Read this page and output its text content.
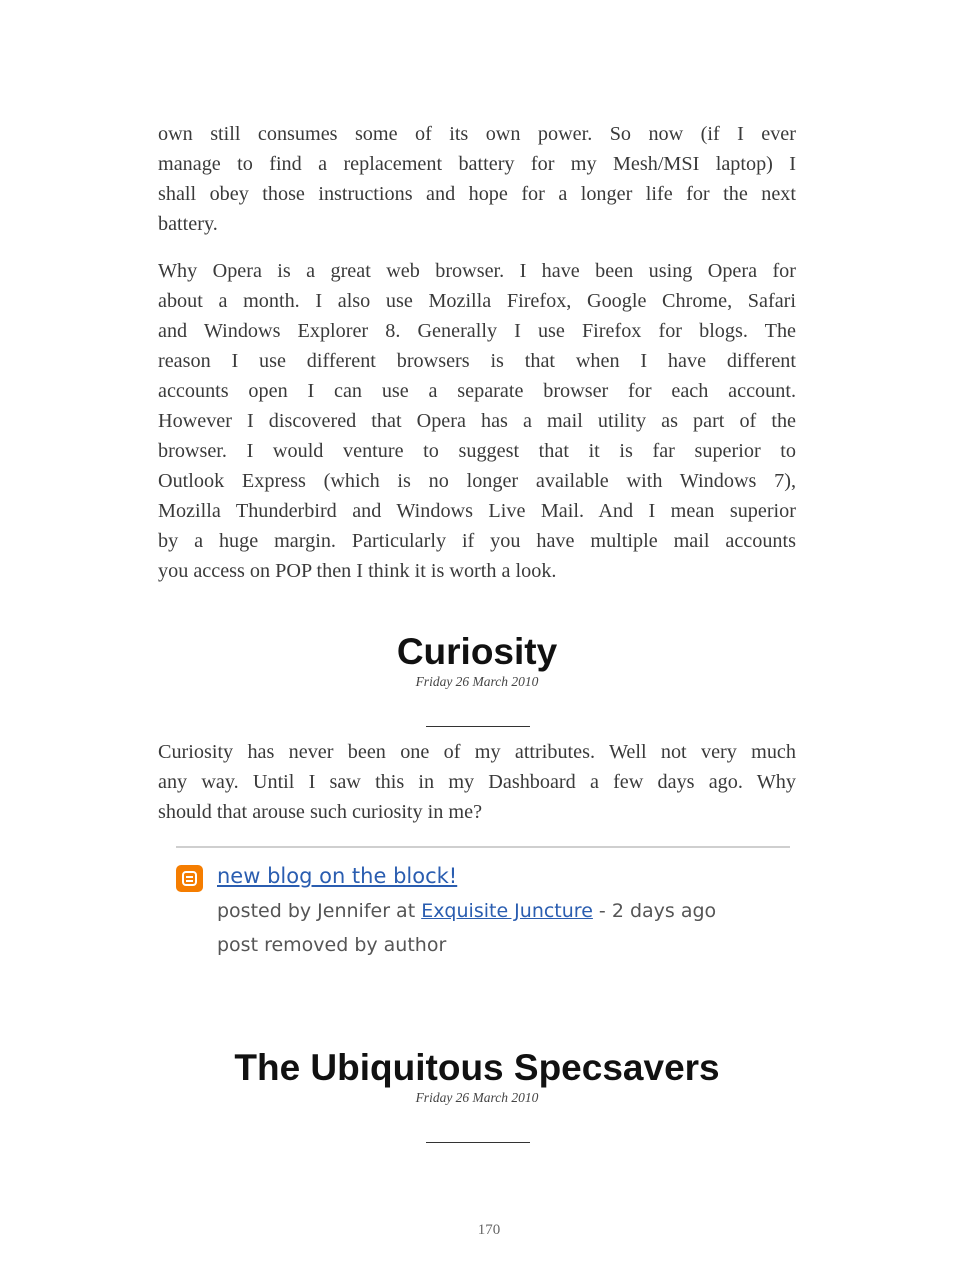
own still consumes some of its own power. So now (if I ever
manage to find a replacement battery for my Mesh/MSI laptop) I
shall obey those instructions and hope for a longer life for the next
battery.
Why Opera is a great web browser. I have been using Opera for
about a month. I also use Mozilla Firefox, Google Chrome, Safari
and Windows Explorer 8. Generally I use Firefox for blogs. The
reason I use different browsers is that when I have different
accounts open I can use a separate browser for each account.
However I discovered that Opera has a mail utility as part of the
browser. I would venture to suggest that it is far superior to
Outlook Express (which is no longer available with Windows 7),
Mozilla Thunderbird and Windows Live Mail. And I mean superior
by a huge margin. Particularly if you have multiple mail accounts
you access on POP then I think it is worth a look.
Curiosity
Friday 26 March 2010
Curiosity has never been one of my attributes. Well not very much
any way. Until I saw this in my Dashboard a few days ago. Why
should that arouse such curiosity in me?
new blog on the block!
posted by Jennifer at Exquisite Juncture - 2 days ago
post removed by author
The Ubiquitous Specsavers
Friday 26 March 2010
170
